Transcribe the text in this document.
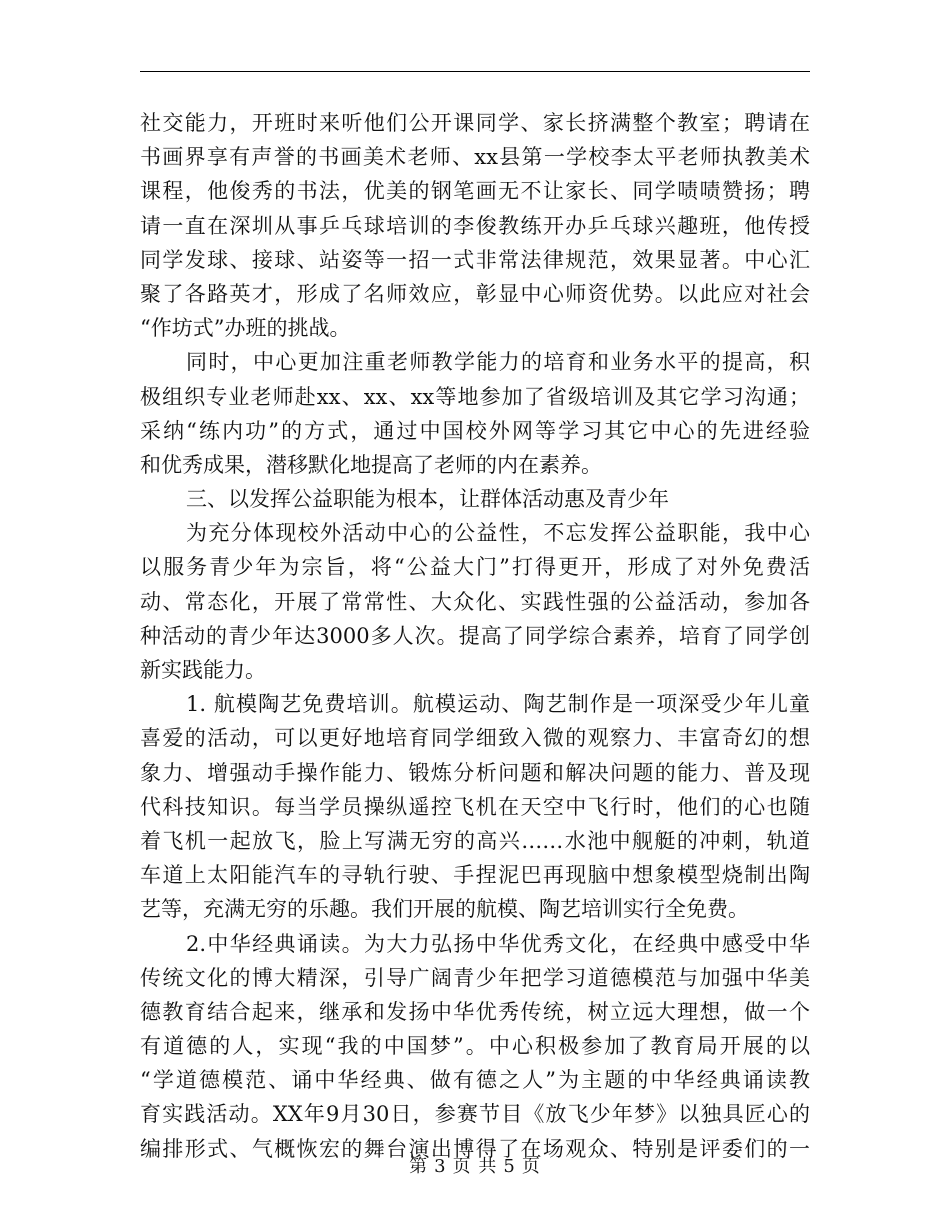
社交能力，开班时来听他们公开课同学、家长挤满整个教室；聘请在
书画界享有声誉的书画美术老师、xx县第一学校李太平老师执教美术
课程，他俊秀的书法，优美的钢笔画无不让家长、同学啧啧赞扬；聘
请一直在深圳从事乒乓球培训的李俊教练开办乒乓球兴趣班，他传授
同学发球、接球、站姿等一招一式非常法律规范，效果显著。中心汇
聚了各路英才，形成了名师效应，彰显中心师资优势。以此应对社会
“作坊式”办班的挑战。
同时，中心更加注重老师教学能力的培育和业务水平的提高，积
极组织专业老师赴xx、xx、xx等地参加了省级培训及其它学习沟通；
采纳“练内功”的方式，通过中国校外网等学习其它中心的先进经验
和优秀成果，潜移默化地提高了老师的内在素养。
三、以发挥公益职能为根本，让群体活动惠及青少年
为充分体现校外活动中心的公益性，不忘发挥公益职能，我中心
以服务青少年为宗旨，将“公益大门”打得更开，形成了对外免费活
动、常态化，开展了常常性、大众化、实践性强的公益活动，参加各
种活动的青少年达3000多人次。提高了同学综合素养，培育了同学创
新实践能力。
1. 航模陶艺免费培训。航模运动、陶艺制作是一项深受少年儿童
喜爱的活动，可以更好地培育同学细致入微的观察力、丰富奇幻的想
象力、增强动手操作能力、锻炼分析问题和解决问题的能力、普及现
代科技知识。每当学员操纵遥控飞机在天空中飞行时，他们的心也随
着飞机一起放飞，脸上写满无穷的高兴……水池中舰艇的冲刺，轨道
车道上太阳能汽车的寻轨行驶、手捏泥巴再现脑中想象模型烧制出陶
艺等，充满无穷的乐趣。我们开展的航模、陶艺培训实行全免费。
2.中华经典诵读。为大力弘扬中华优秀文化，在经典中感受中华
传统文化的博大精深，引导广阔青少年把学习道德模范与加强中华美
德教育结合起来，继承和发扬中华优秀传统，树立远大理想，做一个
有道德的人，实现“我的中国梦”。中心积极参加了教育局开展的以
“学道德模范、诵中华经典、做有德之人”为主题的中华经典诵读教
育实践活动。XX年9月30日，参赛节目《放飞少年梦》以独具匠心的
编排形式、气概恢宏的舞台演出博得了在场观众、特别是评委们的一
第 3 页 共 5 页
